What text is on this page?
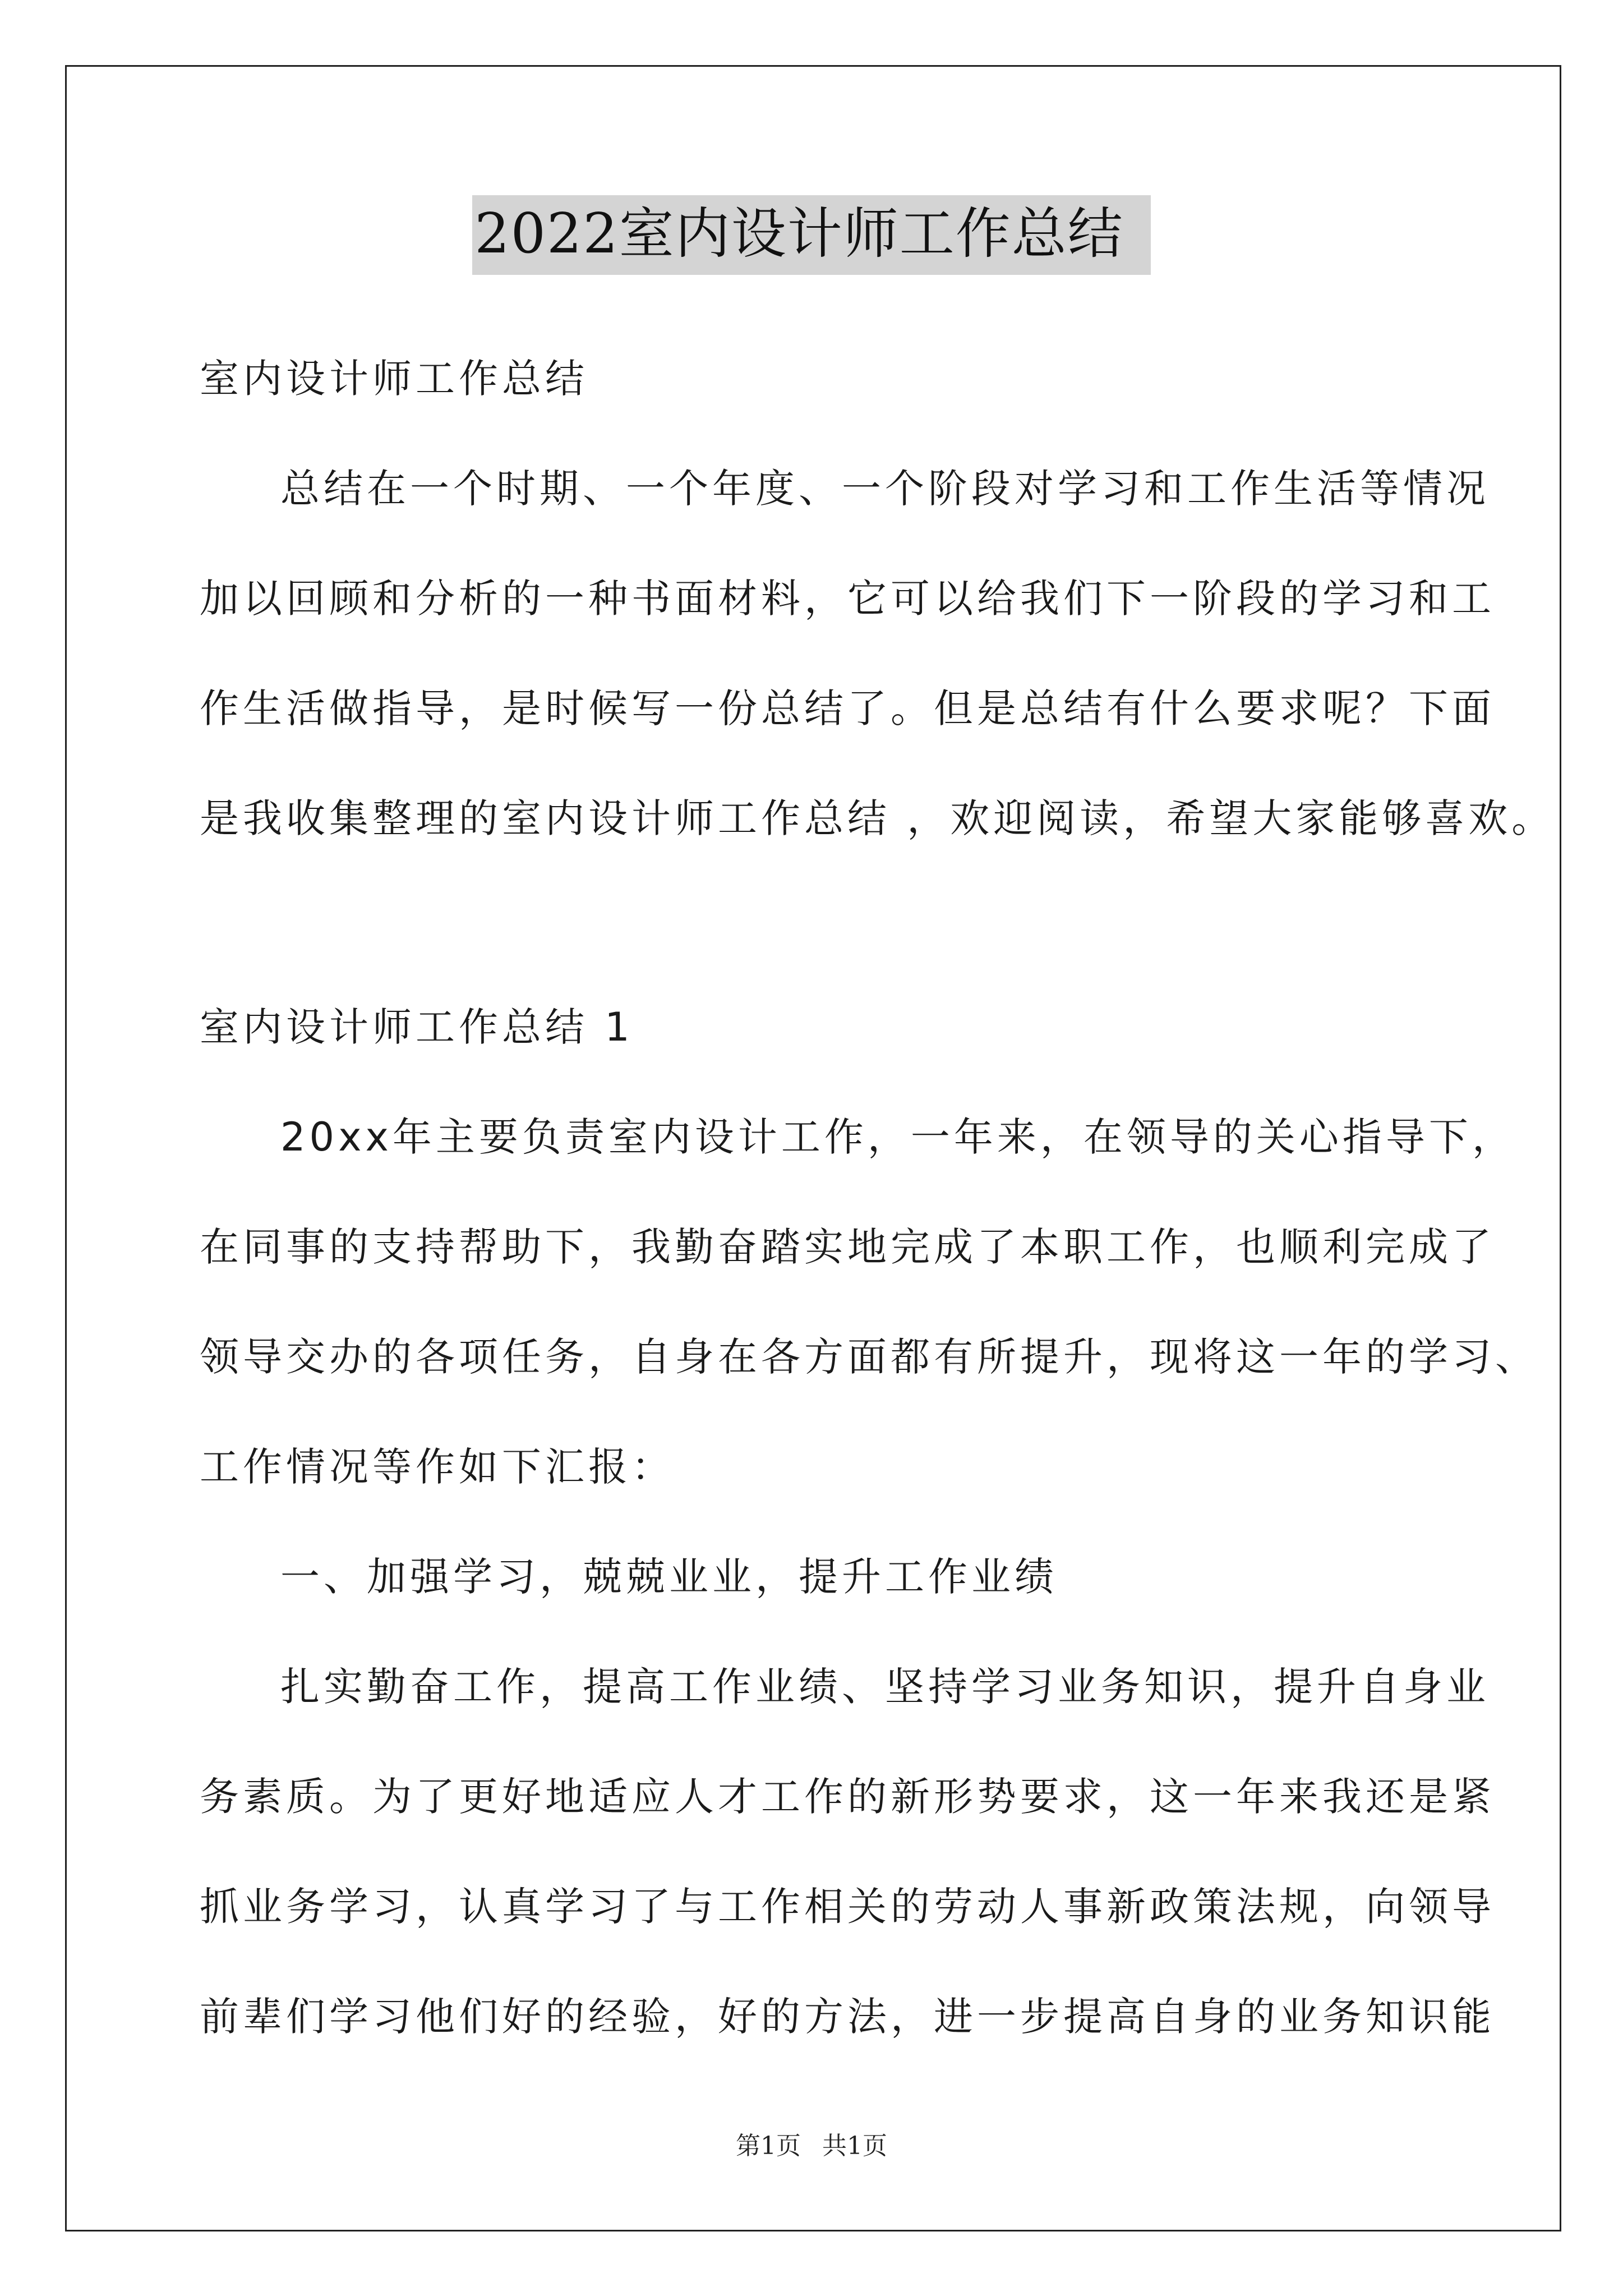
2022室内设计师工作总结
室内设计师工作总结
总结在一个时期、一个年度、一个阶段对学习和工作生活等情况
加以回顾和分析的一种书面材料，它可以给我们下一阶段的学习和工
作生活做指导，是时候写一份总结了。但是总结有什么要求呢？下面
是我收集整理的室内设计师工作总结 ，欢迎阅读，希望大家能够喜欢。
室内设计师工作总结 1
20xx年主要负责室内设计工作，一年来，在领导的关心指导下，
在同事的支持帮助下，我勤奋踏实地完成了本职工作，也顺利完成了
领导交办的各项任务，自身在各方面都有所提升，现将这一年的学习、
工作情况等作如下汇报：
一、加强学习，兢兢业业，提升工作业绩
扎实勤奋工作，提高工作业绩、坚持学习业务知识，提升自身业
务素质。为了更好地适应人才工作的新形势要求，这一年来我还是紧
抓业务学习，认真学习了与工作相关的劳动人事新政策法规，向领导
前辈们学习他们好的经验，好的方法，进一步提高自身的业务知识能
第1页 共1页
